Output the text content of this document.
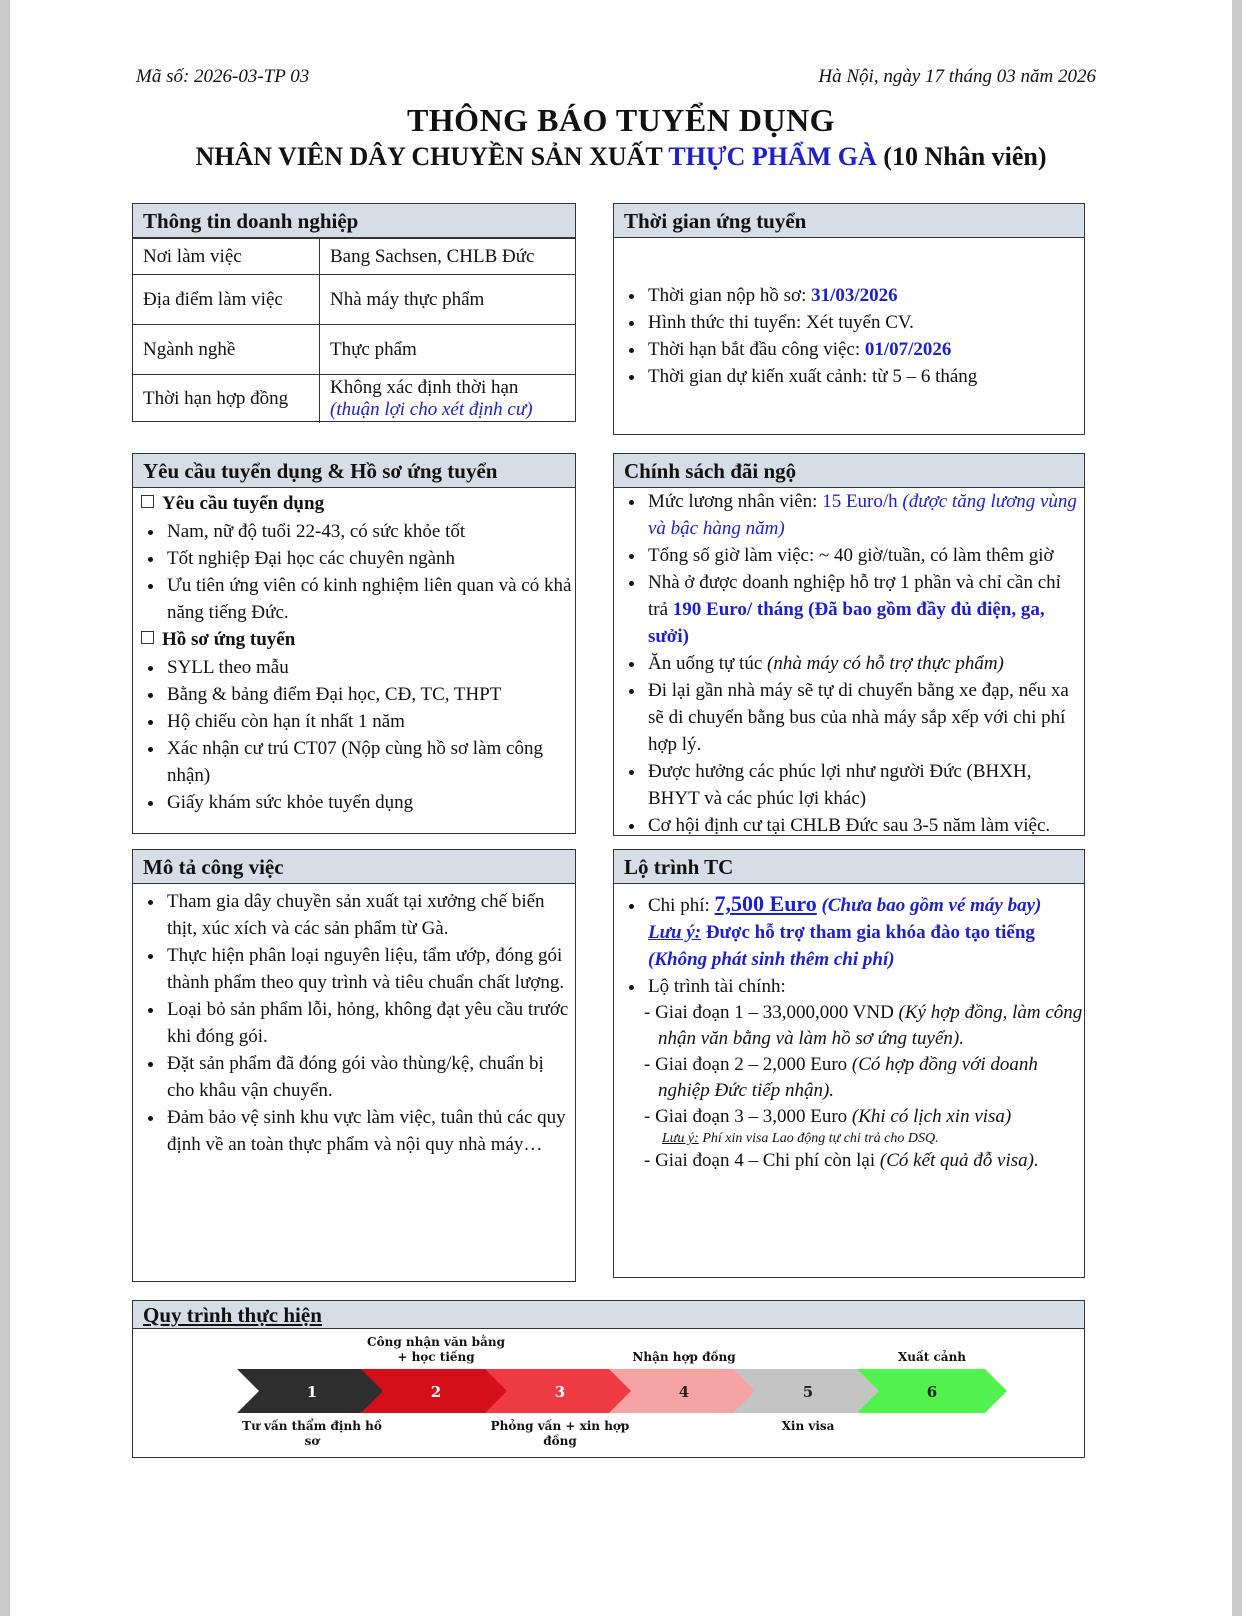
Mã số: 2026-03-TP 03	Hà Nội, ngày 17 tháng 03 năm 2026
THÔNG BÁO TUYỂN DỤNG
NHÂN VIÊN DÂY CHUYỀN SẢN XUẤT THỰC PHẨM GÀ (10 Nhân viên)
Thông tin doanh nghiệp
Nơi làm việc	Bang Sachsen, CHLB Đức
Địa điểm làm việc	Nhà máy thực phẩm
Ngành nghề	Thực phẩm
Thời hạn hợp đồng	Không xác định thời hạn
(thuận lợi cho xét định cư)
Thời gian ứng tuyển
• Thời gian nộp hồ sơ: 31/03/2026
• Hình thức thi tuyển: Xét tuyển CV.
• Thời hạn bắt đầu công việc: 01/07/2026
• Thời gian dự kiến xuất cảnh: từ 5 – 6 tháng
Yêu cầu tuyển dụng & Hồ sơ ứng tuyển
Yêu cầu tuyển dụng
• Nam, nữ độ tuổi 22-43, có sức khỏe tốt
• Tốt nghiệp Đại học các chuyên ngành
• Ưu tiên ứng viên có kinh nghiệm liên quan và có khả năng tiếng Đức.
Hồ sơ ứng tuyển
• SYLL theo mẫu
• Bằng & bảng điểm Đại học, CĐ, TC, THPT
• Hộ chiếu còn hạn ít nhất 1 năm
• Xác nhận cư trú CT07 (Nộp cùng hồ sơ làm công nhận)
• Giấy khám sức khỏe tuyển dụng
Chính sách đãi ngộ
• Mức lương nhân viên: 15 Euro/h (được tăng lương vùng và bậc hàng năm)
• Tổng số giờ làm việc: ~ 40 giờ/tuần, có làm thêm giờ
• Nhà ở được doanh nghiệp hỗ trợ 1 phần và chỉ cần chỉ trả 190 Euro/ tháng (Đã bao gồm đầy đủ điện, ga, sưởi)
• Ăn uống tự túc (nhà máy có hỗ trợ thực phẩm)
• Đi lại gần nhà máy sẽ tự di chuyển bằng xe đạp, nếu xa sẽ di chuyển bằng bus của nhà máy sắp xếp với chi phí hợp lý.
• Được hưởng các phúc lợi như người Đức (BHXH, BHYT và các phúc lợi khác)
• Cơ hội định cư tại CHLB Đức sau 3-5 năm làm việc.
Mô tả công việc
• Tham gia dây chuyền sản xuất tại xưởng chế biến thịt, xúc xích và các sản phẩm từ Gà.
• Thực hiện phân loại nguyên liệu, tẩm ướp, đóng gói thành phẩm theo quy trình và tiêu chuẩn chất lượng.
• Loại bỏ sản phẩm lỗi, hỏng, không đạt yêu cầu trước khi đóng gói.
• Đặt sản phẩm đã đóng gói vào thùng/kệ, chuẩn bị cho khâu vận chuyển.
• Đảm bảo vệ sinh khu vực làm việc, tuân thủ các quy định về an toàn thực phẩm và nội quy nhà máy…
Lộ trình TC
• Chi phí: 7,500 Euro (Chưa bao gồm vé máy bay)
Lưu ý: Được hỗ trợ tham gia khóa đào tạo tiếng (Không phát sinh thêm chi phí)
• Lộ trình tài chính:
- Giai đoạn 1 – 33,000,000 VND (Ký hợp đồng, làm công nhận văn bằng và làm hồ sơ ứng tuyển).
- Giai đoạn 2 – 2,000 Euro (Có hợp đồng với doanh nghiệp Đức tiếp nhận).
- Giai đoạn 3 – 3,000 Euro (Khi có lịch xin visa)
Lưu ý: Phí xin visa Lao động tự chi trả cho DSQ.
- Giai đoạn 4 – Chi phí còn lại (Có kết quả đỗ visa).
Quy trình thực hiện
1	2	3	4	5	6
Tư vấn thẩm định hồ sơ
Công nhận văn bằng + học tiếng
Phỏng vấn + xin hợp đồng
Nhận hợp đồng
Xin visa
Xuất cảnh
